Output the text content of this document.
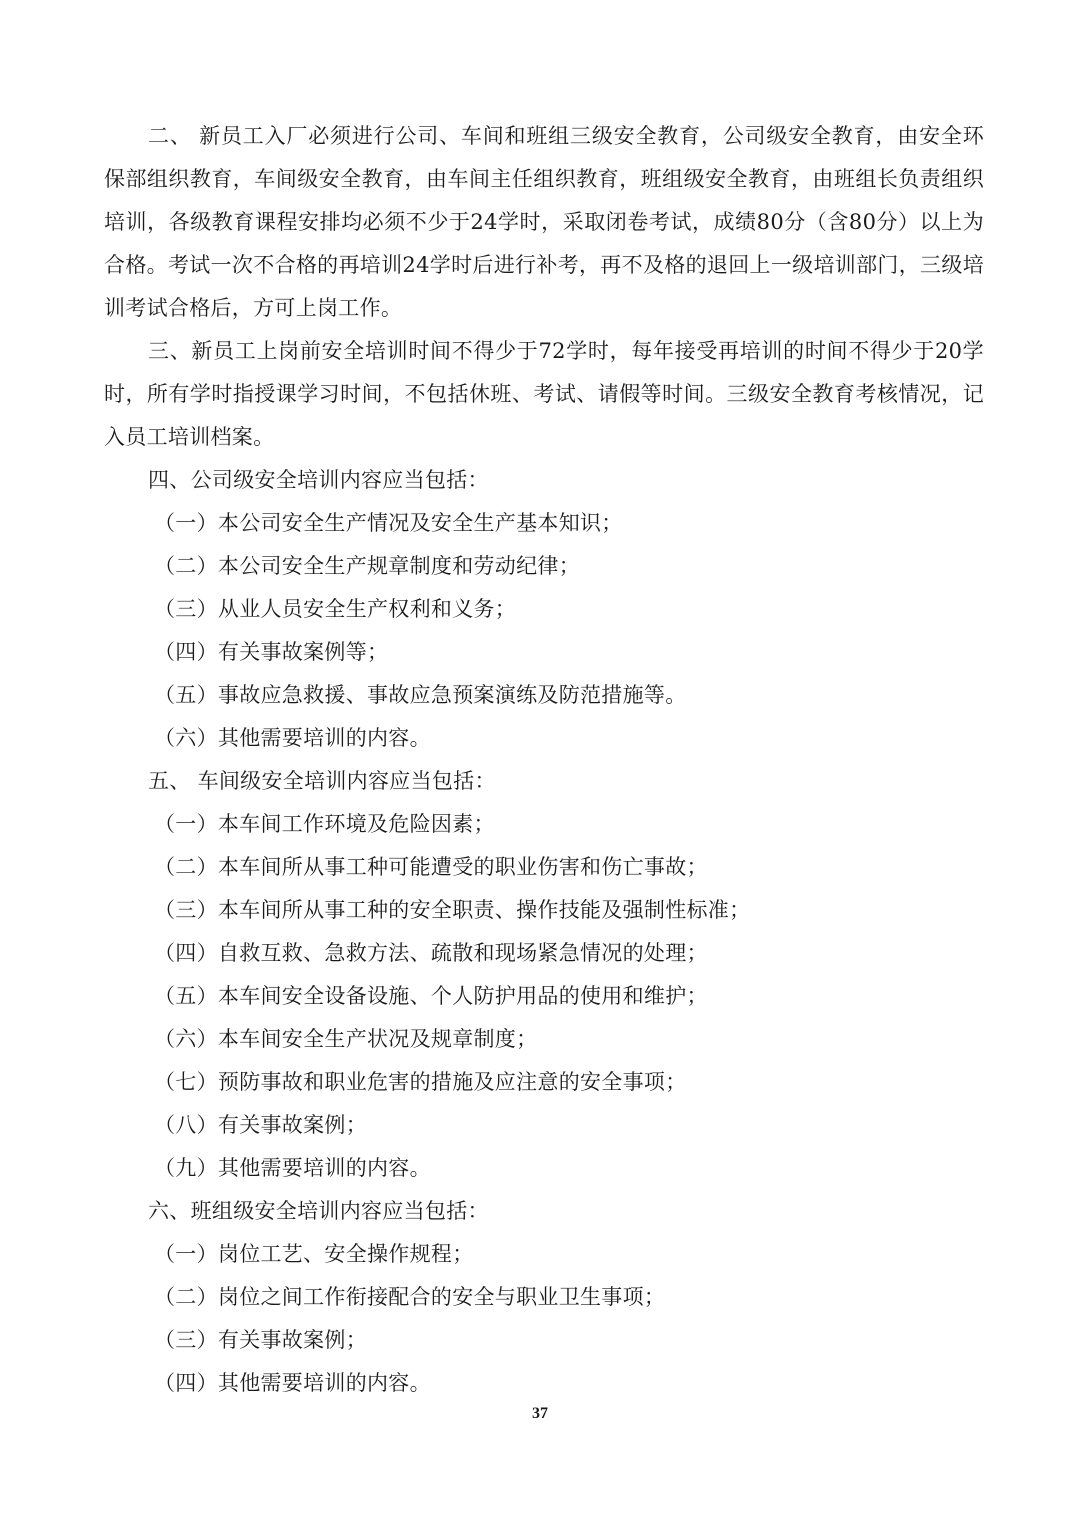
二、 新员工入厂必须进行公司、车间和班组三级安全教育，公司级安全教育，由安全环保部组织教育，车间级安全教育，由车间主任组织教育，班组级安全教育，由班组长负责组织培训，各级教育课程安排均必须不少于24学时，采取闭卷考试，成绩80分（含80分）以上为合格。考试一次不合格的再培训24学时后进行补考，再不及格的退回上一级培训部门，三级培训考试合格后，方可上岗工作。

三、新员工上岗前安全培训时间不得少于72学时，每年接受再培训的时间不得少于20学时，所有学时指授课学习时间，不包括休班、考试、请假等时间。三级安全教育考核情况，记入员工培训档案。

四、公司级安全培训内容应当包括：

（一）本公司安全生产情况及安全生产基本知识；

（二）本公司安全生产规章制度和劳动纪律；

（三）从业人员安全生产权利和义务；

（四）有关事故案例等；

（五）事故应急救援、事故应急预案演练及防范措施等。

（六）其他需要培训的内容。

五、 车间级安全培训内容应当包括：

（一）本车间工作环境及危险因素；

（二）本车间所从事工种可能遭受的职业伤害和伤亡事故；

（三）本车间所从事工种的安全职责、操作技能及强制性标准；

（四）自救互救、急救方法、疏散和现场紧急情况的处理；

（五）本车间安全设备设施、个人防护用品的使用和维护；

（六）本车间安全生产状况及规章制度；

（七）预防事故和职业危害的措施及应注意的安全事项；

（八）有关事故案例；

（九）其他需要培训的内容。

六、班组级安全培训内容应当包括：

（一）岗位工艺、安全操作规程；

（二）岗位之间工作衔接配合的安全与职业卫生事项；

（三）有关事故案例；

（四）其他需要培训的内容。

37
